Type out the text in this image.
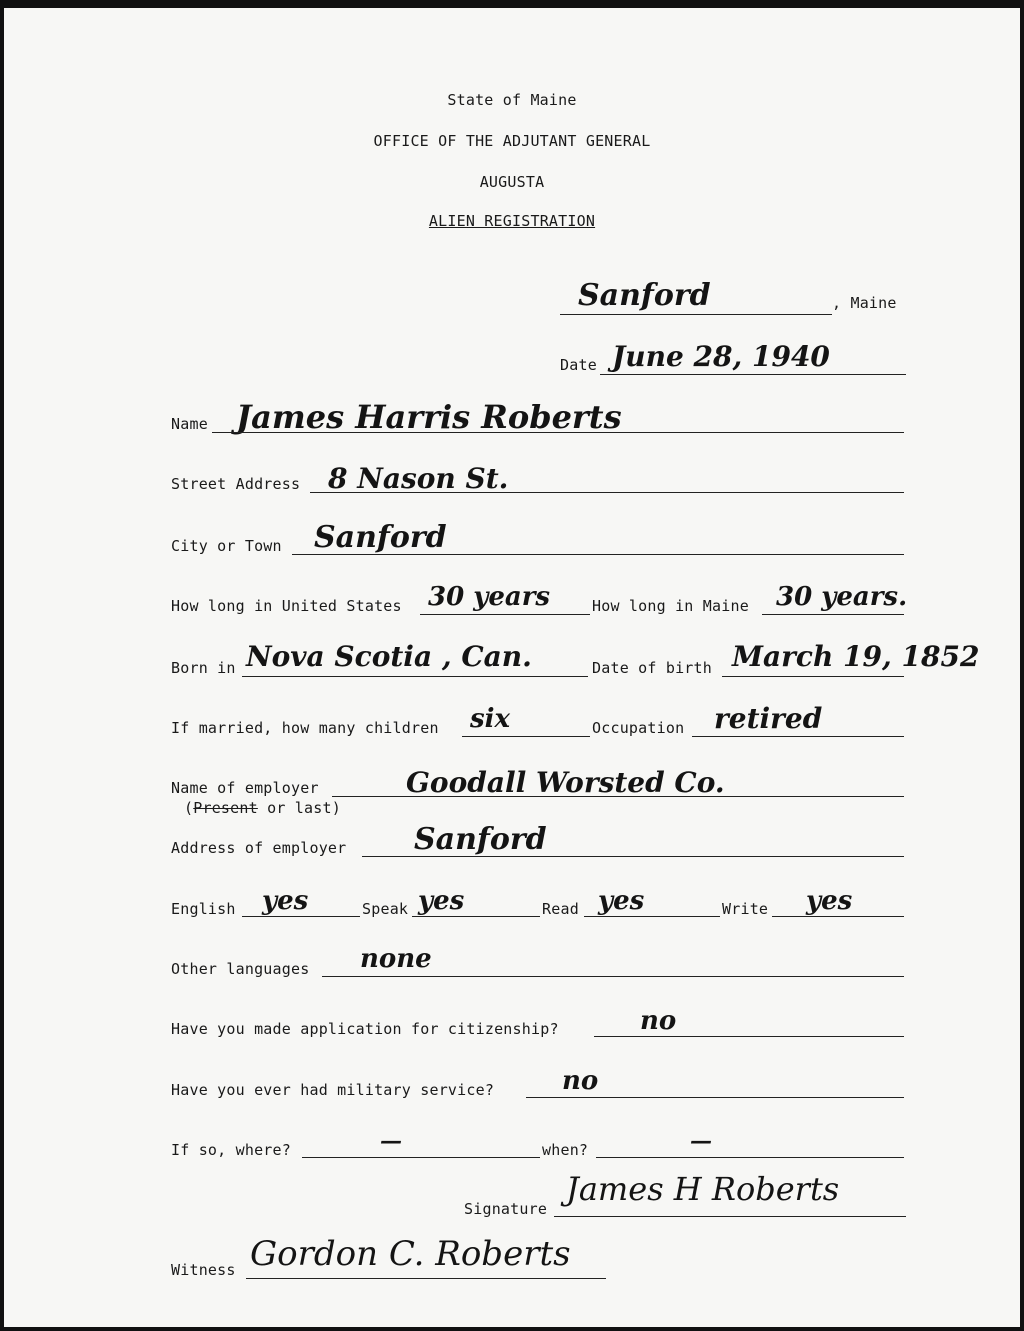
State of Maine
OFFICE OF THE ADJUTANT GENERAL
AUGUSTA
ALIEN REGISTRATION
Sanford	, Maine
Date June 28, 1940
Name James Harris Roberts
Street Address 8 Nason St.
City or Town Sanford
How long in United States 30 years	How long in Maine 30 years.
Born in Nova Scotia , Can.	Date of birth March 19, 1852
If married, how many children six	Occupation retired
Name of employer
(Present or last)
Goodall Worsted Co.
Address of employer Sanford
English yes	Speak yes	Read yes	Write yes
Other languages none
Have you made application for citizenship?	no
Have you ever had military service?	no
If so, where?	—	when?	—
Signature
James H Roberts
Witness Gordon C. Roberts
